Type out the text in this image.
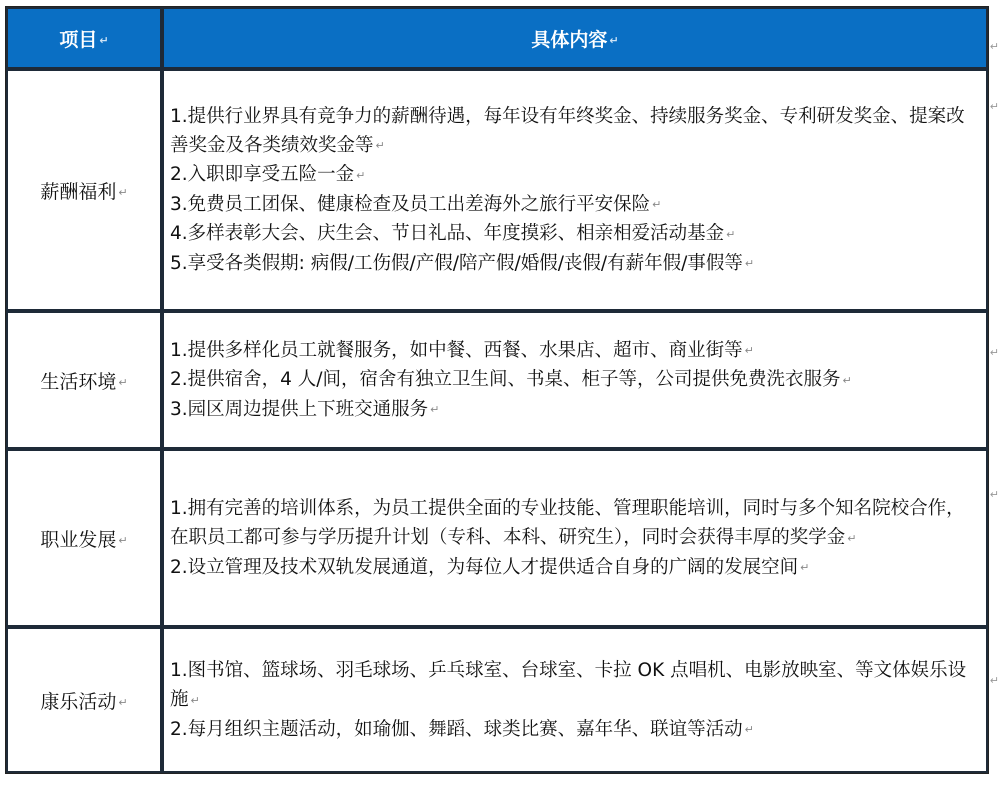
项目 ↵	具体内容 ↵
薪酬福利 ↵	1.提供行业界具有竞争力的薪酬待遇，每年设有年终奖金、持续服务奖金、专利研发奖金、提案改善奖金及各类绩效奖金等 ↵
2.入职即享受五险一金 ↵
3.免费员工团保、健康检查及员工出差海外之旅行平安保险 ↵
4.多样表彰大会、庆生会、节日礼品、年度摸彩、相亲相爱活动基金 ↵
5.享受各类假期: 病假/工伤假/产假/陪产假/婚假/丧假/有薪年假/事假等 ↵

生活环境 ↵	1.提供多样化员工就餐服务，如中餐、西餐、水果店、超市、商业街等 ↵
2.提供宿舍，4 人/间，宿舍有独立卫生间、书桌、柜子等，公司提供免费洗衣服务 ↵
3.园区周边提供上下班交通服务 ↵

职业发展 ↵	1.拥有完善的培训体系，为员工提供全面的专业技能、管理职能培训，同时与多个知名院校合作，在职员工都可参与学历提升计划（专科、本科、研究生），同时会获得丰厚的奖学金 ↵
2.设立管理及技术双轨发展通道，为每位人才提供适合自身的广阔的发展空间 ↵

康乐活动 ↵	1.图书馆、篮球场、羽毛球场、乒乓球室、台球室、卡拉 OK 点唱机、电影放映室、等文体娱乐设施 ↵
2.每月组织主题活动，如瑜伽、舞蹈、球类比赛、嘉年华、联谊等活动 ↵
↵
↵
↵
↵
↵
